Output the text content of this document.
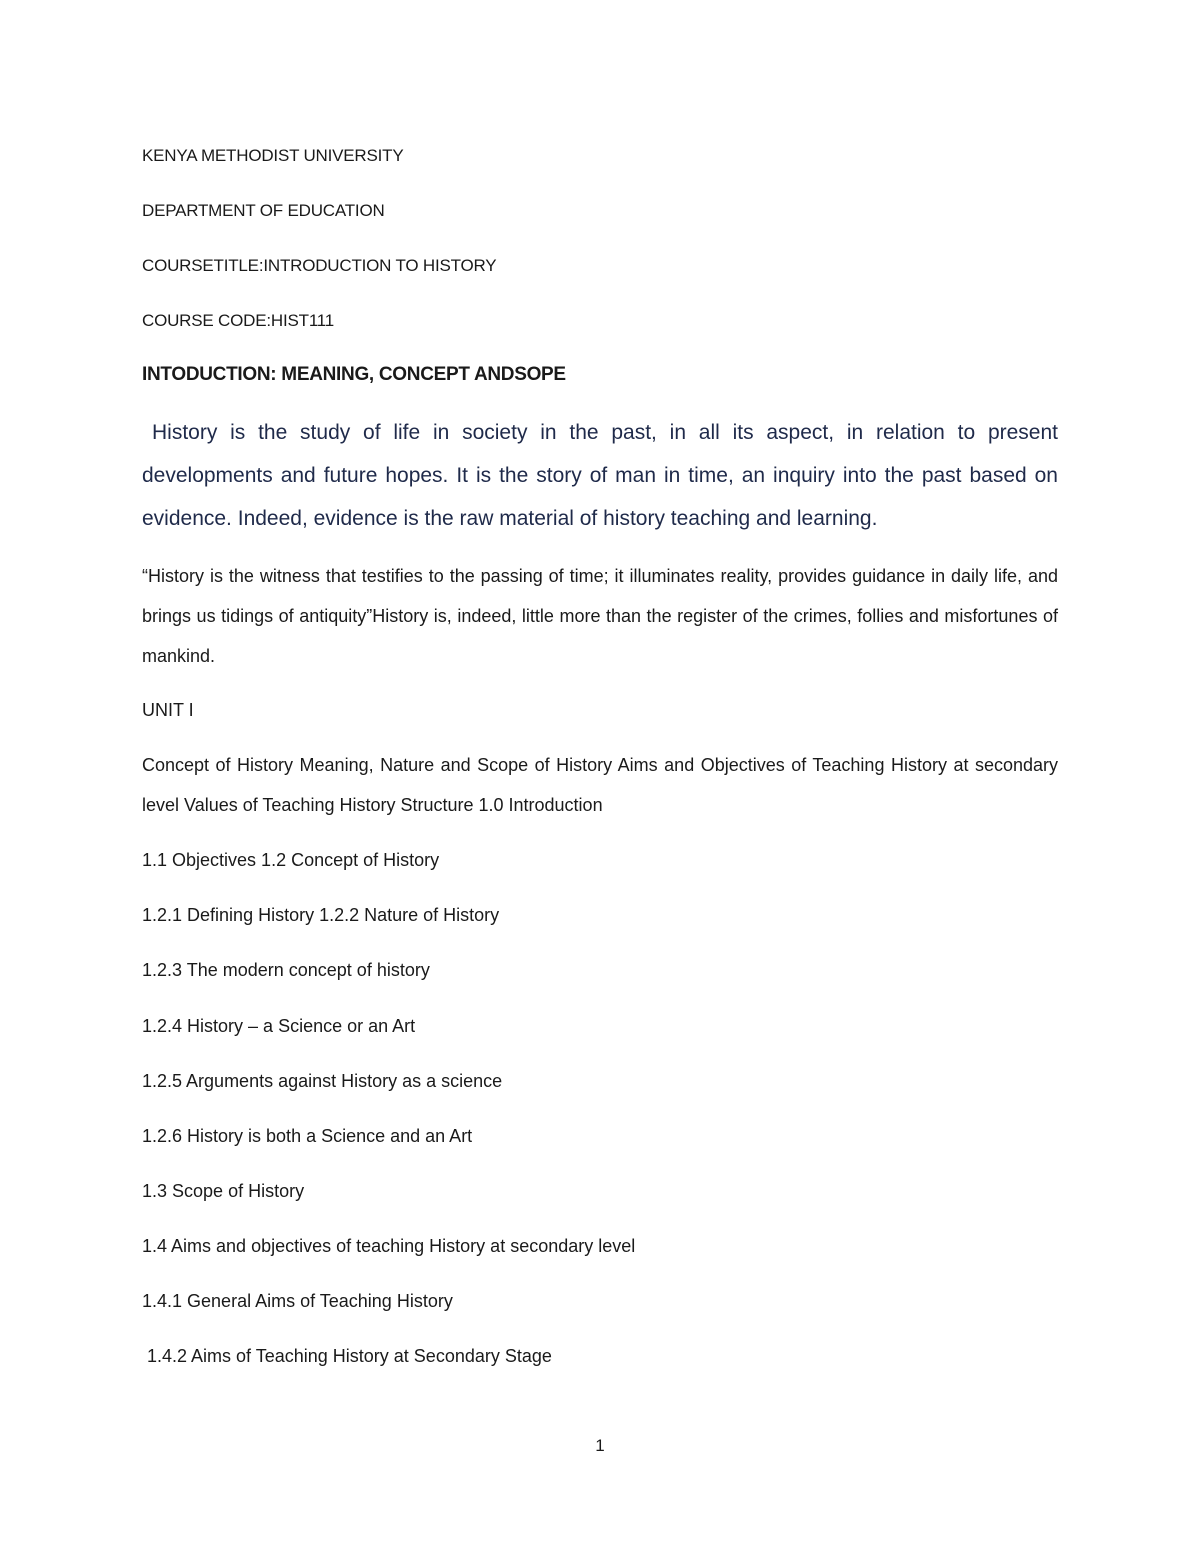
KENYA METHODIST UNIVERSITY

DEPARTMENT OF EDUCATION

COURSETITLE:INTRODUCTION TO HISTORY

COURSE CODE:HIST111

INTODUCTION: MEANING, CONCEPT ANDSOPE

History is the study of life in society in the past, in all its aspect, in relation to present developments and future hopes. It is the story of man in time, an inquiry into the past based on evidence. Indeed, evidence is the raw material of history teaching and learning.

“History is the witness that testifies to the passing of time; it illuminates reality, provides guidance in daily life, and brings us tidings of antiquity”History is, indeed, little more than the register of the crimes, follies and misfortunes of mankind.

UNIT I

Concept of History Meaning, Nature and Scope of History Aims and Objectives of Teaching History at secondary level Values of Teaching History Structure 1.0 Introduction

1.1 Objectives 1.2 Concept of History

1.2.1 Defining History 1.2.2 Nature of History

1.2.3 The modern concept of history

1.2.4 History – a Science or an Art

1.2.5 Arguments against History as a science

1.2.6 History is both a Science and an Art

1.3 Scope of History

1.4 Aims and objectives of teaching History at secondary level

1.4.1 General Aims of Teaching History

1.4.2 Aims of Teaching History at Secondary Stage

1
